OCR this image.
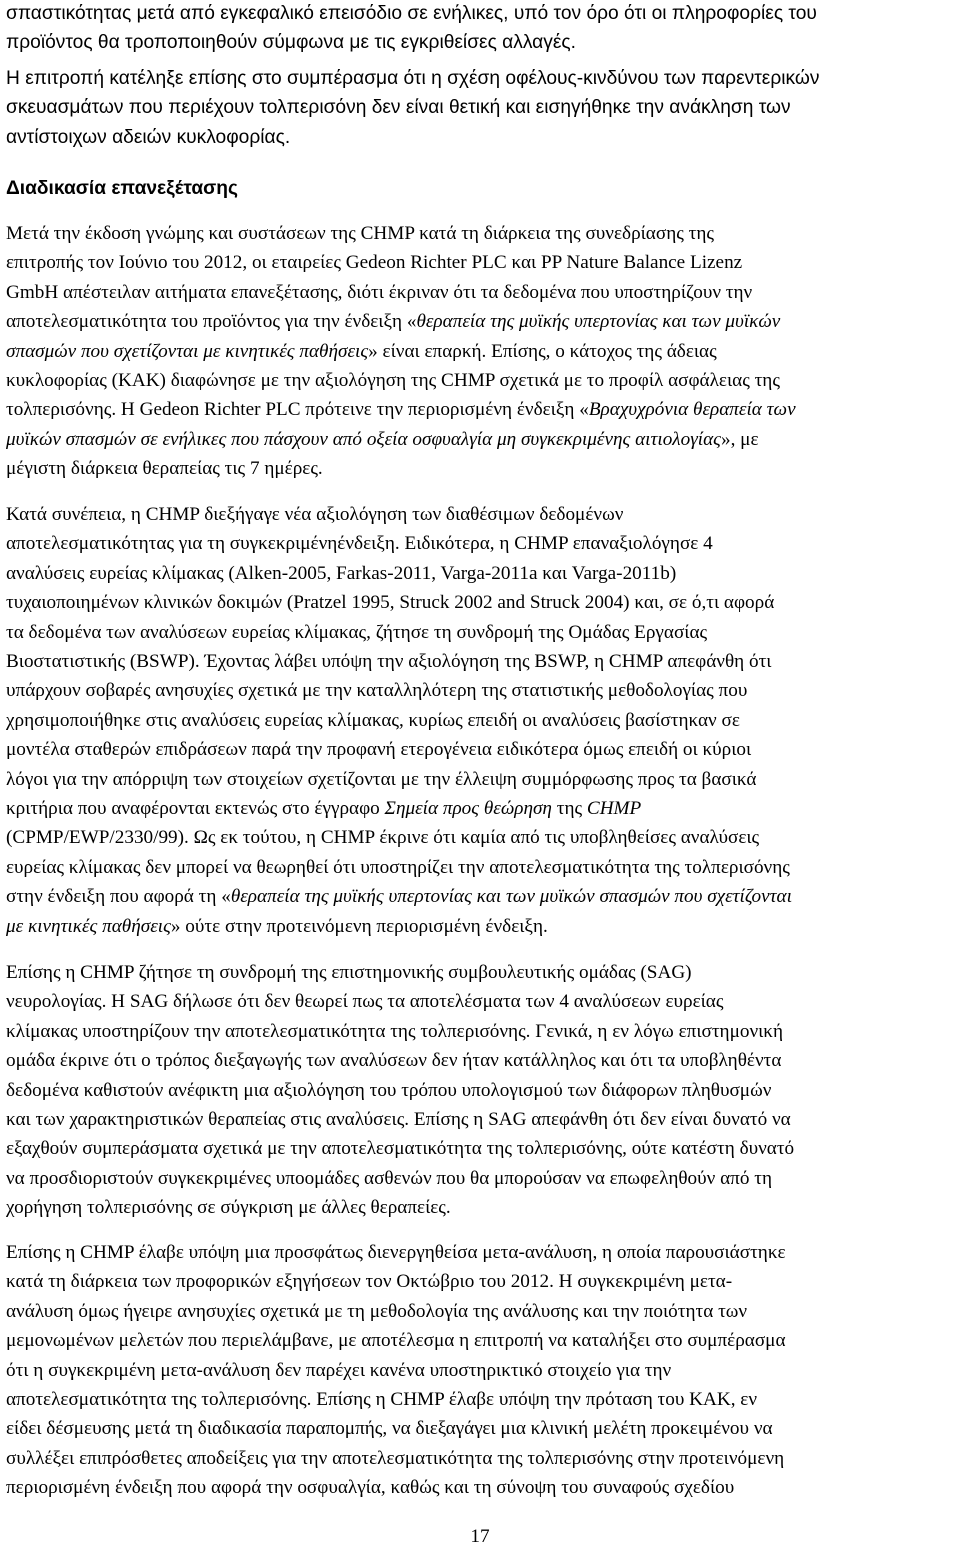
σπαστικότητας μετά από εγκεφαλικό επεισόδιο σε ενήλικες, υπό τον όρο ότι οι πληροφορίες του
προϊόντος θα τροποποιηθούν σύμφωνα με τις εγκριθείσες αλλαγές.
Η επιτροπή κατέληξε επίσης στο συμπέρασμα ότι η σχέση οφέλους-κινδύνου των παρεντερικών
σκευασμάτων που περιέχουν τολπερισόνη δεν είναι θετική και εισηγήθηκε την ανάκληση των
αντίστοιχων αδειών κυκλοφορίας.
Διαδικασία επανεξέτασης
Μετά την έκδοση γνώμης και συστάσεων της CHMP κατά τη διάρκεια της συνεδρίασης της
επιτροπής τον Ιούνιο του 2012, οι εταιρείες Gedeon Richter PLC και PP Nature Balance Lizenz
GmbH απέστειλαν αιτήματα επανεξέτασης, διότι έκριναν ότι τα δεδομένα που υποστηρίζουν την
αποτελεσματικότητα του προϊόντος για την ένδειξη «θεραπεία της μυϊκής υπερτονίας και των μυϊκών
σπασμών που σχετίζονται με κινητικές παθήσεις» είναι επαρκή. Επίσης, ο κάτοχος της άδειας
κυκλοφορίας (ΚΑΚ) διαφώνησε με την αξιολόγηση της CHMP σχετικά με το προφίλ ασφάλειας της
τολπερισόνης. Η Gedeon Richter PLC πρότεινε την περιορισμένη ένδειξη «Βραχυχρόνια θεραπεία των
μυϊκών σπασμών σε ενήλικες που πάσχουν από οξεία οσφυαλγία μη συγκεκριμένης αιτιολογίας», με
μέγιστη διάρκεια θεραπείας τις 7 ημέρες.
Κατά συνέπεια, η CHMP διεξήγαγε νέα αξιολόγηση των διαθέσιμων δεδομένων
αποτελεσματικότητας για τη συγκεκριμένηένδειξη. Ειδικότερα, η CHMP επαναξιολόγησε 4
αναλύσεις ευρείας κλίμακας (Alken-2005, Farkas-2011, Varga-2011a και Varga-2011b)
τυχαιοποιημένων κλινικών δοκιμών (Pratzel 1995, Struck 2002 and Struck 2004) και, σε ό,τι αφορά
τα δεδομένα των αναλύσεων ευρείας κλίμακας, ζήτησε τη συνδρομή της Ομάδας Εργασίας
Βιοστατιστικής (BSWP). Έχοντας λάβει υπόψη την αξιολόγηση της BSWP, η CHMP απεφάνθη ότι
υπάρχουν σοβαρές ανησυχίες σχετικά με την καταλληλότερη της στατιστικής μεθοδολογίας που
χρησιμοποιήθηκε στις αναλύσεις ευρείας κλίμακας, κυρίως επειδή οι αναλύσεις βασίστηκαν σε
μοντέλα σταθερών επιδράσεων παρά την προφανή ετερογένεια ειδικότερα όμως επειδή οι κύριοι
λόγοι για την απόρριψη των στοιχείων σχετίζονται με την έλλειψη συμμόρφωσης προς τα βασικά
κριτήρια που αναφέρονται εκτενώς στο έγγραφο Σημεία προς θεώρηση της CHMP
(CPMP/EWP/2330/99). Ως εκ τούτου, η CHMP έκρινε ότι καμία από τις υποβληθείσες αναλύσεις
ευρείας κλίμακας δεν μπορεί να θεωρηθεί ότι υποστηρίζει την αποτελεσματικότητα της τολπερισόνης
στην ένδειξη που αφορά τη «θεραπεία της μυϊκής υπερτονίας και των μυϊκών σπασμών που σχετίζονται
με κινητικές παθήσεις» ούτε στην προτεινόμενη περιορισμένη ένδειξη.
Επίσης η CHMP ζήτησε τη συνδρομή της επιστημονικής συμβουλευτικής ομάδας (SAG)
νευρολογίας. Η SAG δήλωσε ότι δεν θεωρεί πως τα αποτελέσματα των 4 αναλύσεων ευρείας
κλίμακας υποστηρίζουν την αποτελεσματικότητα της τολπερισόνης. Γενικά, η εν λόγω επιστημονική
ομάδα έκρινε ότι ο τρόπος διεξαγωγής των αναλύσεων δεν ήταν κατάλληλος και ότι τα υποβληθέντα
δεδομένα καθιστούν ανέφικτη μια αξιολόγηση του τρόπου υπολογισμού των διάφορων πληθυσμών
και των χαρακτηριστικών θεραπείας στις αναλύσεις. Επίσης η SAG απεφάνθη ότι δεν είναι δυνατό να
εξαχθούν συμπεράσματα σχετικά με την αποτελεσματικότητα της τολπερισόνης, ούτε κατέστη δυνατό
να προσδιοριστούν συγκεκριμένες υποομάδες ασθενών που θα μπορούσαν να επωφεληθούν από τη
χορήγηση τολπερισόνης σε σύγκριση με άλλες θεραπείες.
Επίσης η CHMP έλαβε υπόψη μια προσφάτως διενεργηθείσα μετα-ανάλυση, η οποία παρουσιάστηκε
κατά τη διάρκεια των προφορικών εξηγήσεων τον Οκτώβριο του 2012. Η συγκεκριμένη μετα-
ανάλυση όμως ήγειρε ανησυχίες σχετικά με τη μεθοδολογία της ανάλυσης και την ποιότητα των
μεμονωμένων μελετών που περιελάμβανε, με αποτέλεσμα η επιτροπή να καταλήξει στο συμπέρασμα
ότι η συγκεκριμένη μετα-ανάλυση δεν παρέχει κανένα υποστηρικτικό στοιχείο για την
αποτελεσματικότητα της τολπερισόνης. Επίσης η CHMP έλαβε υπόψη την πρόταση του ΚΑΚ, εν
είδει δέσμευσης μετά τη διαδικασία παραπομπής, να διεξαγάγει μια κλινική μελέτη προκειμένου να
συλλέξει επιπρόσθετες αποδείξεις για την αποτελεσματικότητα της τολπερισόνης στην προτεινόμενη
περιορισμένη ένδειξη που αφορά την οσφυαλγία, καθώς και τη σύνοψη του συναφούς σχεδίου
17
